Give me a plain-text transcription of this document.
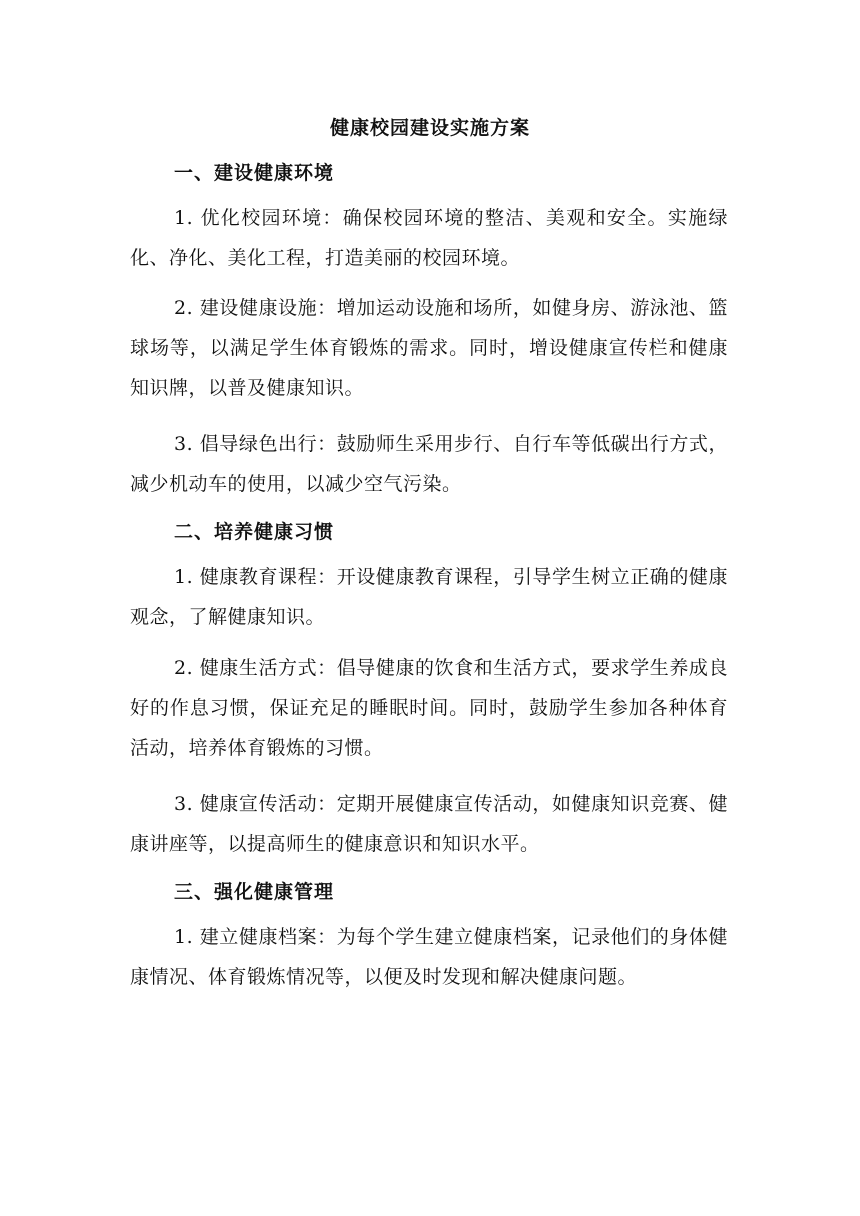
健康校园建设实施方案
一、建设健康环境

1. 优化校园环境：确保校园环境的整洁、美观和安全。实施绿化、净化、美化工程，打造美丽的校园环境。

2. 建设健康设施：增加运动设施和场所，如健身房、游泳池、篮球场等，以满足学生体育锻炼的需求。同时，增设健康宣传栏和健康知识牌，以普及健康知识。

3. 倡导绿色出行：鼓励师生采用步行、自行车等低碳出行方式，减少机动车的使用，以减少空气污染。

二、培养健康习惯

1. 健康教育课程：开设健康教育课程，引导学生树立正确的健康观念，了解健康知识。

2. 健康生活方式：倡导健康的饮食和生活方式，要求学生养成良好的作息习惯，保证充足的睡眠时间。同时，鼓励学生参加各种体育活动，培养体育锻炼的习惯。

3. 健康宣传活动：定期开展健康宣传活动，如健康知识竞赛、健康讲座等，以提高师生的健康意识和知识水平。

三、强化健康管理

1. 建立健康档案：为每个学生建立健康档案，记录他们的身体健康情况、体育锻炼情况等，以便及时发现和解决健康问题。
